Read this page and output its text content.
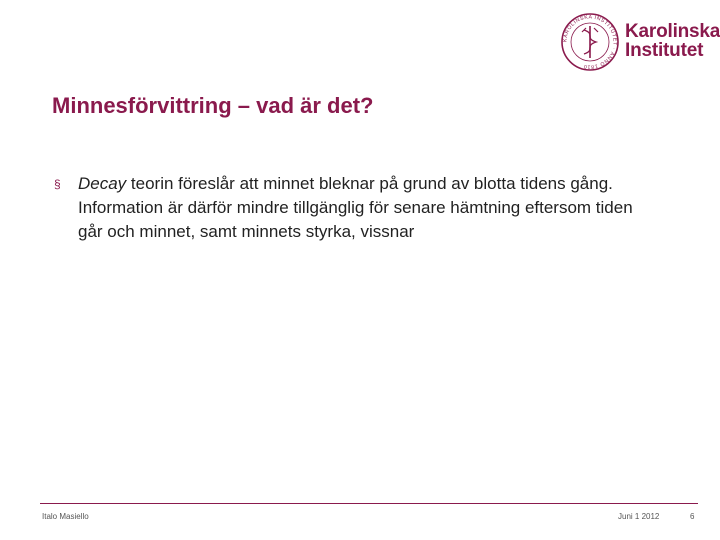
KAROLINSKA INSTITUTET · ANNO 1810
Karolinska
Institutet
Minnesförvittring – vad är det?
§	Decay teorin föreslår att minnet bleknar på grund av blotta tidens gång. Information är därför mindre tillgänglig för senare hämtning eftersom tiden går och minnet, samt minnets styrka, vissnar
Italo Masiello	Juni 1 2012	6
